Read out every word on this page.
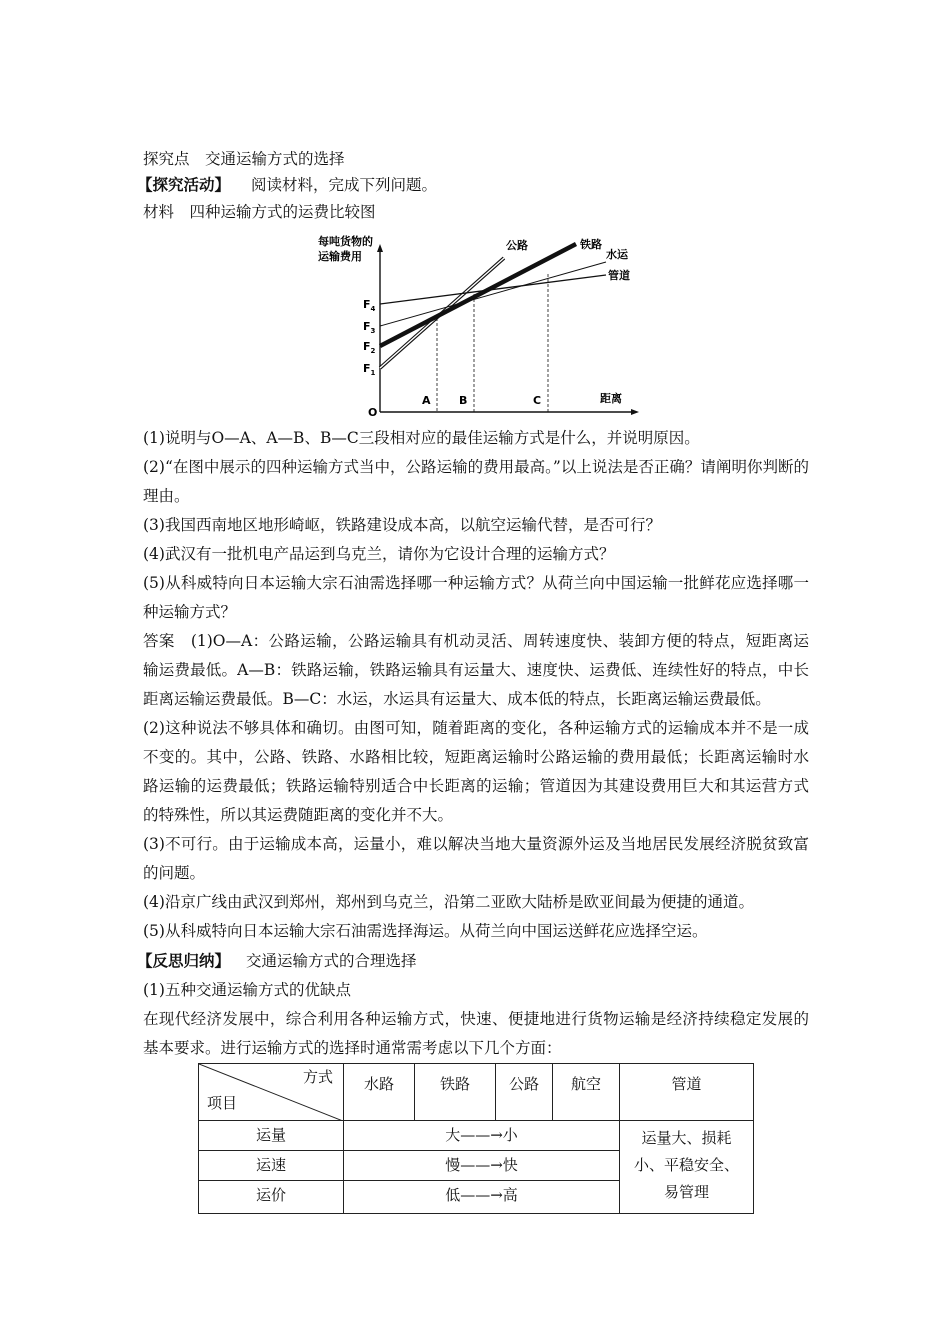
探究点　交通运输方式的选择
【探究活动】 阅读材料，完成下列问题。
材料　四种运输方式的运费比较图
A	B	C
$F_4$
$F_3$
$F_2$
$F_1$
每吨货物的
运输费用
距离
O
公路	铁路
水运
管道
(1)说明与O—A、A—B、B—C三段相对应的最佳运输方式是什么，并说明原因。
(2)“在图中展示的四种运输方式当中，公路运输的费用最高。”以上说法是否正确？请阐明你判断的理由。
(3)我国西南地区地形崎岖，铁路建设成本高，以航空运输代替，是否可行？
(4)武汉有一批机电产品运到乌克兰，请你为它设计合理的运输方式？
(5)从科威特向日本运输大宗石油需选择哪一种运输方式？从荷兰向中国运输一批鲜花应选择哪一种运输方式？
答案 (1)O—A：公路运输，公路运输具有机动灵活、周转速度快、装卸方便的特点，短距离运输运费最低。A—B：铁路运输，铁路运输具有运量大、速度快、运费低、连续性好的特点，中长距离运输运费最低。B—C：水运，水运具有运量大、成本低的特点，长距离运输运费最低。
(2)这种说法不够具体和确切。由图可知，随着距离的变化，各种运输方式的运输成本并不是一成不变的。其中，公路、铁路、水路相比较，短距离运输时公路运输的费用最低；长距离运输时水路运输的运费最低；铁路运输特别适合中长距离的运输；管道因为其建设费用巨大和其运营方式的特殊性，所以其运费随距离的变化并不大。
(3)不可行。由于运输成本高，运量小，难以解决当地大量资源外运及当地居民发展经济脱贫致富的问题。
(4)沿京广线由武汉到郑州，郑州到乌克兰，沿第二亚欧大陆桥是欧亚间最为便捷的通道。
(5)从科威特向日本运输大宗石油需选择海运。从荷兰向中国运送鲜花应选择空运。
【反思归纳】 交通运输方式的合理选择
(1)五种交通运输方式的优缺点
在现代经济发展中，综合利用各种运输方式，快速、便捷地进行货物运输是经济持续稳定发展的基本要求。进行运输方式的选择时通常需考虑以下几个方面：
方式
项目	水路	铁路	公路	航空	管道
运量	大——→小				运量大、损耗小、平稳安全、易管理
运速	慢——→快				
运价	低——→高				
